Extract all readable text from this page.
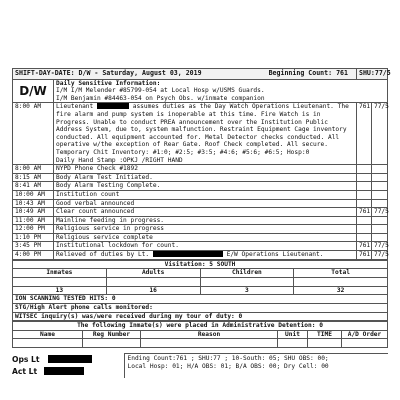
SHIFT-DAY-DATE: D/W - Saturday, August 03, 2019 Beginning Count: 761		SHU:77/5	
D/W	Daily Sensitive Information:
I/M I/M Melender #85799-054 at Local Hosp w/USMS Guards.
I/M Benjamin #84463-054 on Psych Obs. w/inmate companion		

8:00 AM	Lieutenant assumes duties as the Day Watch Operations Lieutenant. The fire alarm and pump system is inoperable at this time. Fire Watch is in Progress. Unable to conduct PREA announcement over the Institution Public Address System, due to, system malfunction. Restraint Equipment Cage inventory conducted. All equipment accounted for. Metal Detector checks conducted. All operative w/the exception of Rear Gate. Roof Check completed. All secure. Temporary Chit Inventory: #1:0; #2:5; #3:5; #4:6; #5:6; #6:5; Hosp:0
Daily Hand Stamp :OPKJ /RIGHT HAND	761	77/5
8:00 AM	NYPD Phone Check #1892		
8:15 AM	Body Alarm Test Initiated.		
8:41 AM	Body Alarm Testing Complete.		
10:00 AM	Institution count		
10:43 AM	Good verbal announced		
10:49 AM	Clear count announced	761	77/5
11:00 AM	Mainline feeding in progress.		
12:00 PM	Religious service in progress		
1:10 PM	Religious service complete		
3:45 PM	Institutional lockdown for count.	761	77/5
4:00 PM	Relieved of duties by Lt. E/W Operations Lieutenant.	761	77/5
Visitation: 5 SOUTH			
Inmates	Adults	Children	Total

13	16	3	32
ION SCANNING TESTED HITS: 0			
STG/High Alert phone calls monitored:			
WITSEC inquiry(s) was/were received during my tour of duty: 0			
The following Inmate(s) were placed in Administrative Detention: 0					
Name	Reg Number	Reason	Unit	TIME	A/D Order

Ops Lt
Act Lt

Ending Count:761 ; SHU:77 ; 10-South: 05; SHU OBS: 00;
Local Hosp: 01; H/A OBS: 01; B/A OBS: 00; Dry Cell: 00
